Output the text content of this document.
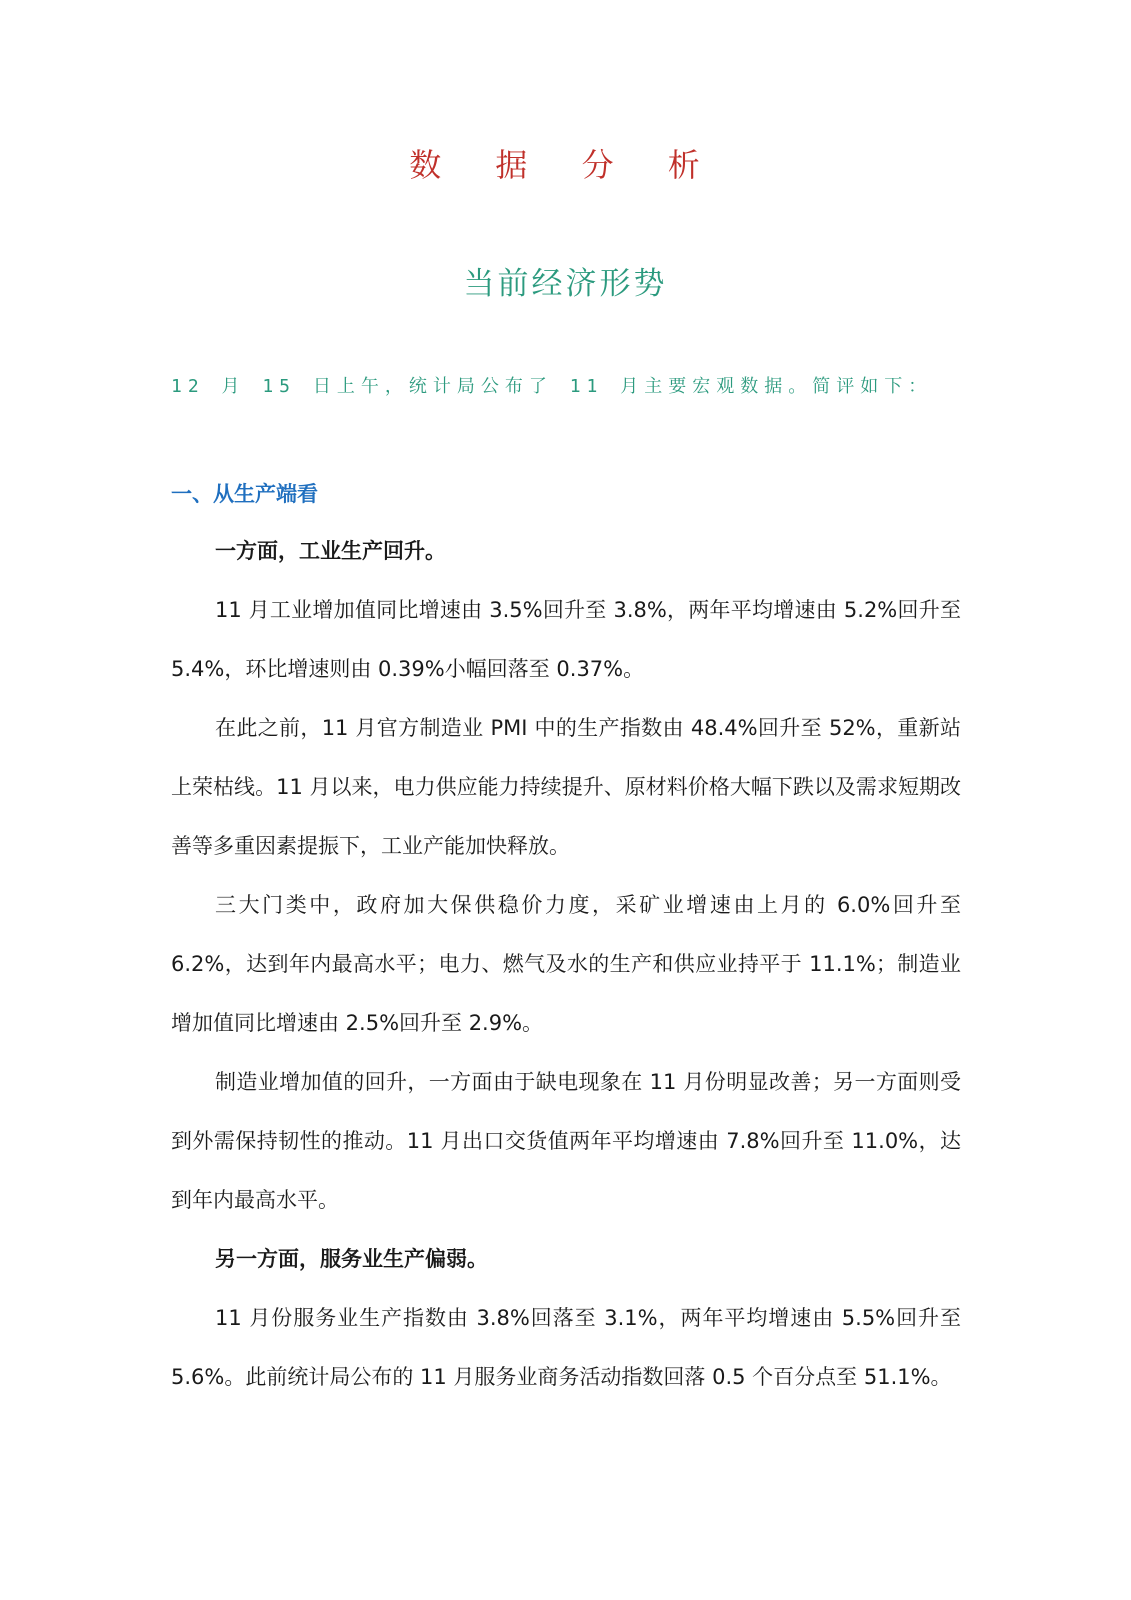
数 据 分 析
当前经济形势

12 月 15 日上午，统计局公布了 11 月主要宏观数据。简评如下：

一、从生产端看

一方面，工业生产回升。

11 月工业增加值同比增速由 3.5%回升至 3.8%，两年平均增速由 5.2%回升至 5.4%，环比增速则由 0.39%小幅回落至 0.37%。

在此之前，11 月官方制造业 PMI 中的生产指数由 48.4%回升至 52%，重新站上荣枯线。11 月以来，电力供应能力持续提升、原材料价格大幅下跌以及需求短期改善等多重因素提振下，工业产能加快释放。

三大门类中，政府加大保供稳价力度，采矿业增速由上月的 6.0%回升至 6.2%，达到年内最高水平；电力、燃气及水的生产和供应业持平于 11.1%；制造业增加值同比增速由 2.5%回升至 2.9%。

制造业增加值的回升，一方面由于缺电现象在 11 月份明显改善；另一方面则受到外需保持韧性的推动。11 月出口交货值两年平均增速由 7.8%回升至 11.0%，达到年内最高水平。

另一方面，服务业生产偏弱。

11 月份服务业生产指数由 3.8%回落至 3.1%，两年平均增速由 5.5%回升至 5.6%。此前统计局公布的 11 月服务业商务活动指数回落 0.5 个百分点至 51.1%。
